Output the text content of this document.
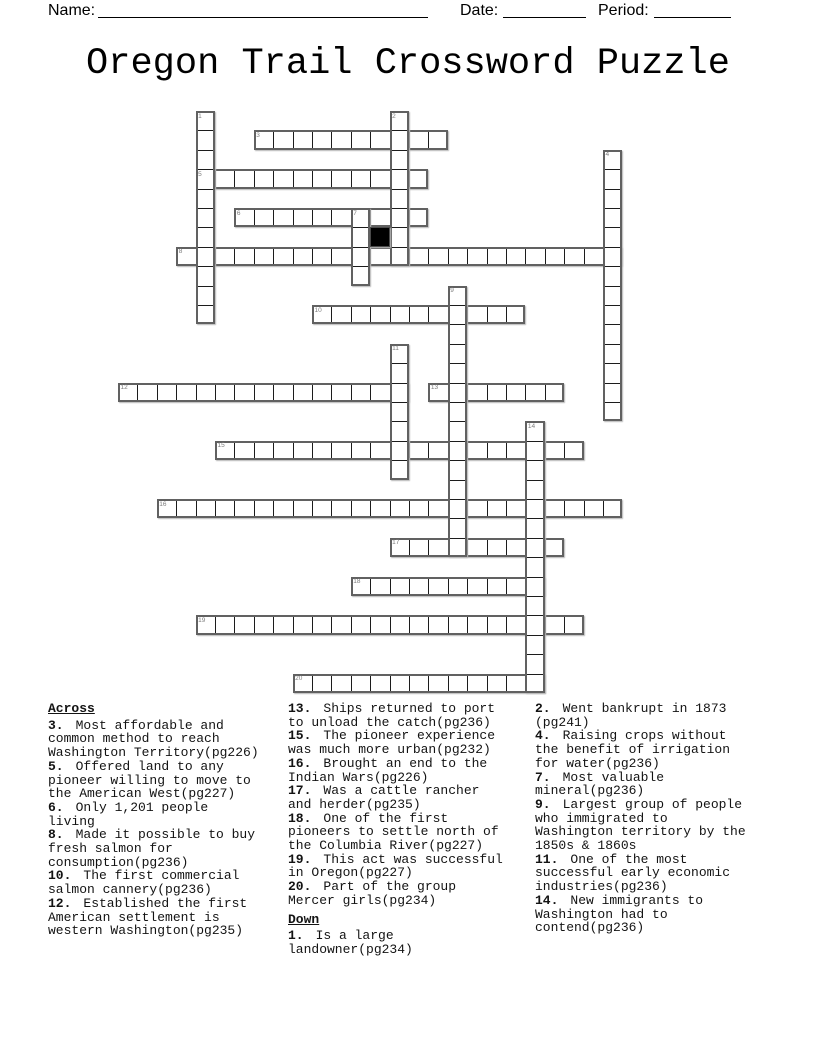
Name:	Date:	Period:
Oregon Trail Crossword Puzzle
3
5
6
8
10
12	13
15
16
17
18
19
20
1	2
4
7
9
11
14
Across
3. Most affordable and common method to reach Washington Territory(pg226)
5. Offered land to any pioneer willing to move to the American West(pg227)
6. Only 1,201 people living
8. Made it possible to buy fresh salmon for consumption(pg236)
10. The first commercial salmon cannery(pg236)
12. Established the first American settlement is western Washington(pg235)
13. Ships returned to port to unload the catch(pg236)
15. The pioneer experience was much more urban(pg232)
16. Brought an end to the Indian Wars(pg226)
17. Was a cattle rancher and herder(pg235)
18. One of the first pioneers to settle north of the Columbia River(pg227)
19. This act was successful in Oregon(pg227)
20. Part of the group Mercer girls(pg234)
Down
1. Is a large landowner(pg234)
2. Went bankrupt in 1873 (pg241)
4. Raising crops without the benefit of irrigation for water(pg236)
7. Most valuable mineral(pg236)
9. Largest group of people who immigrated to Washington territory by the 1850s & 1860s
11. One of the most successful early economic industries(pg236)
14. New immigrants to Washington had to contend(pg236)
